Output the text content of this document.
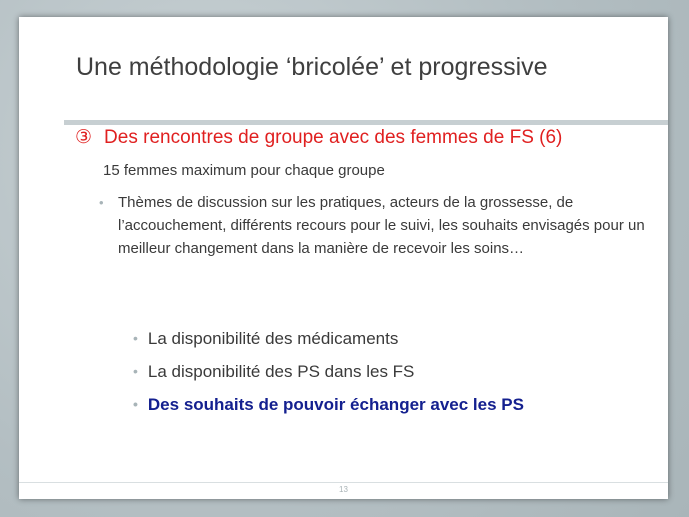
Une méthodologie ‘bricolée’ et progressive
③ Des rencontres de groupe avec des femmes de FS (6)
15 femmes maximum pour chaque groupe
• Thèmes de discussion sur les pratiques, acteurs de la grossesse, de l’accouchement, différents recours pour le suivi, les souhaits envisagés pour un meilleur changement dans la manière de recevoir les soins…
• La disponibilité des médicaments
• La disponibilité des PS dans les FS
• Des souhaits de pouvoir échanger avec les PS
13
